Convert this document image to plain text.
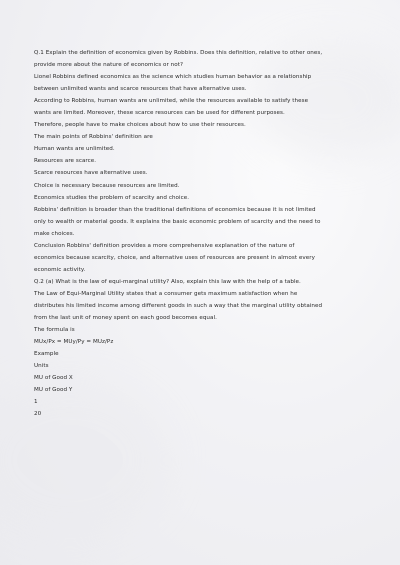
Q.1 Explain the definition of economics given by Robbins. Does this definition, relative to other ones,
provide more about the nature of economics or not?
Lionel Robbins defined economics as the science which studies human behavior as a relationship
between unlimited wants and scarce resources that have alternative uses.
According to Robbins, human wants are unlimited, while the resources available to satisfy these
wants are limited. Moreover, these scarce resources can be used for different purposes.
Therefore, people have to make choices about how to use their resources.
The main points of Robbins' definition are
Human wants are unlimited.
Resources are scarce.
Scarce resources have alternative uses.
Choice is necessary because resources are limited.
Economics studies the problem of scarcity and choice.
Robbins' definition is broader than the traditional definitions of economics because it is not limited
only to wealth or material goods. It explains the basic economic problem of scarcity and the need to
make choices.
Conclusion Robbins' definition provides a more comprehensive explanation of the nature of
economics because scarcity, choice, and alternative uses of resources are present in almost every
economic activity.
Q.2 (a) What is the law of equi-marginal utility? Also, explain this law with the help of a table.
The Law of Equi-Marginal Utility states that a consumer gets maximum satisfaction when he
distributes his limited income among different goods in such a way that the marginal utility obtained
from the last unit of money spent on each good becomes equal.
The formula is
MUx/Px = MUy/Py = MUz/Pz
Example
Units
MU of Good X
MU of Good Y
1
20
